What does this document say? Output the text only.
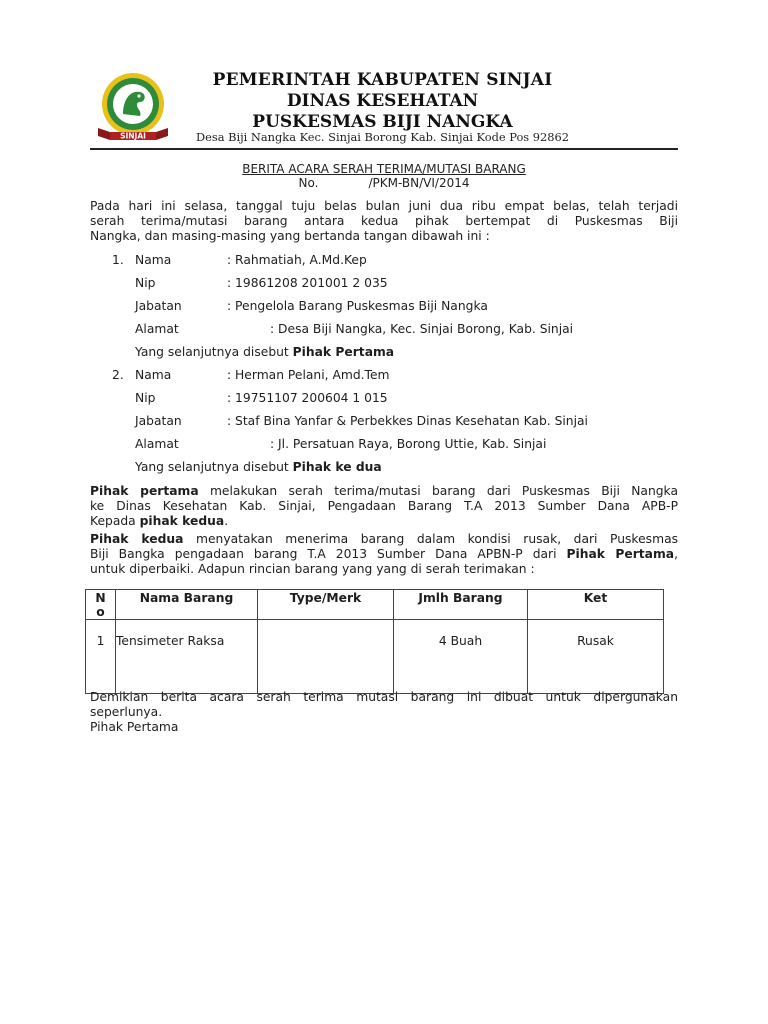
SINJAI
PEMERINTAH KABUPATEN SINJAI
DINAS KESEHATAN
PUSKESMAS BIJI NANGKA
Desa Biji Nangka Kec. Sinjai Borong Kab. Sinjai Kode Pos 92862
BERITA ACARA SERAH TERIMA/MUTASI BARANG
No.	/PKM-BN/VI/2014
Pada hari ini selasa, tanggal tuju belas bulan juni dua ribu empat belas, telah terjadi
serah terima/mutasi barang antara kedua pihak bertempat di Puskesmas Biji
Nangka, dan masing-masing yang bertanda tangan dibawah ini :
1. Nama	: Rahmatiah, A.Md.Kep
Nip	: 19861208 201001 2 035
Jabatan	: Pengelola Barang Puskesmas Biji Nangka
Alamat	: Desa Biji Nangka, Kec. Sinjai Borong, Kab. Sinjai
Yang selanjutnya disebut Pihak Pertama
2. Nama	: Herman Pelani, Amd.Tem
Nip	: 19751107 200604 1 015
Jabatan	: Staf Bina Yanfar & Perbekkes Dinas Kesehatan Kab. Sinjai
Alamat	: Jl. Persatuan Raya, Borong Uttie, Kab. Sinjai
Yang selanjutnya disebut Pihak ke dua
Pihak pertama melakukan serah terima/mutasi barang dari Puskesmas Biji Nangka
ke Dinas Kesehatan Kab. Sinjai, Pengadaan Barang T.A 2013 Sumber Dana APB-P
Kepada pihak kedua.
Pihak kedua menyatakan menerima barang dalam kondisi rusak, dari Puskesmas
Biji Bangka pengadaan barang T.A 2013 Sumber Dana APBN-P dari Pihak Pertama,
untuk diperbaiki. Adapun rincian barang yang yang di serah terimakan :
N
o	Nama Barang	Type/Merk	Jmlh Barang	Ket
1	Tensimeter Raksa		4 Buah	Rusak
Demikian berita acara serah terima mutasi barang ini dibuat untuk dipergunakan
seperlunya.
Pihak Pertama
